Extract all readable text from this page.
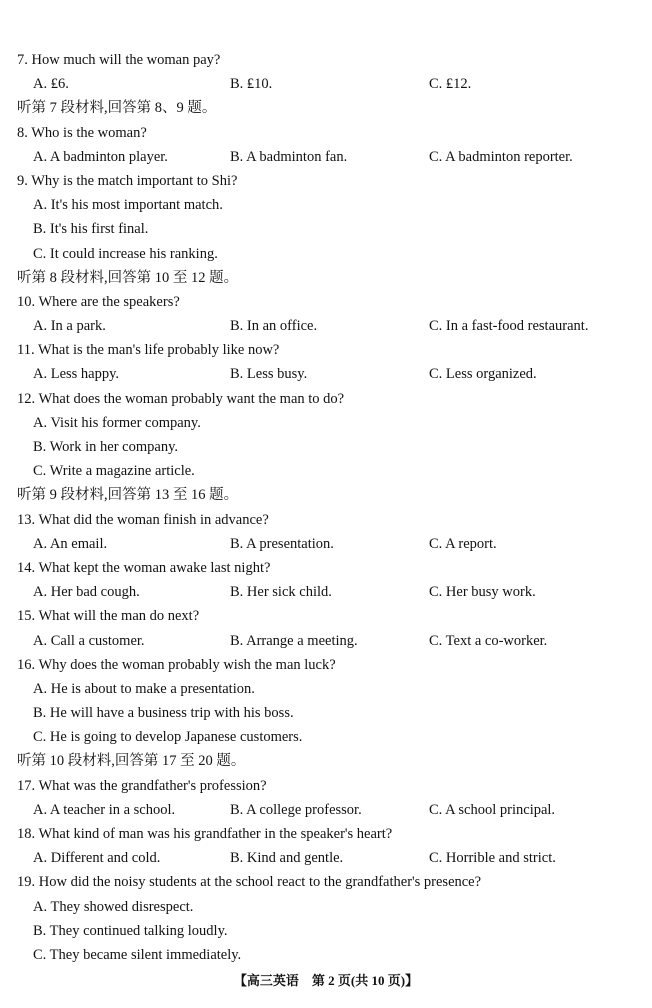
7. How much will the woman pay?
A. ₤6.	B. ₤10.	C. ₤12.
听第 7 段材料,回答第 8、9 题。
8. Who is the woman?
A. A badminton player.	B. A badminton fan.	C. A badminton reporter.
9. Why is the match important to Shi?
A. It's his most important match.
B. It's his first final.
C. It could increase his ranking.
听第 8 段材料,回答第 10 至 12 题。
10. Where are the speakers?
A. In a park.	B. In an office.	C. In a fast-food restaurant.
11. What is the man's life probably like now?
A. Less happy.	B. Less busy.	C. Less organized.
12. What does the woman probably want the man to do?
A. Visit his former company.
B. Work in her company.
C. Write a magazine article.
听第 9 段材料,回答第 13 至 16 题。
13. What did the woman finish in advance?
A. An email.	B. A presentation.	C. A report.
14. What kept the woman awake last night?
A. Her bad cough.	B. Her sick child.	C. Her busy work.
15. What will the man do next?
A. Call a customer.	B. Arrange a meeting.	C. Text a co-worker.
16. Why does the woman probably wish the man luck?
A. He is about to make a presentation.
B. He will have a business trip with his boss.
C. He is going to develop Japanese customers.
听第 10 段材料,回答第 17 至 20 题。
17. What was the grandfather's profession?
A. A teacher in a school.	B. A college professor.	C. A school principal.
18. What kind of man was his grandfather in the speaker's heart?
A. Different and cold.	B. Kind and gentle.	C. Horrible and strict.
19. How did the noisy students at the school react to the grandfather's presence?
A. They showed disrespect.
B. They continued talking loudly.
C. They became silent immediately.
【高三英语　第 2 页(共 10 页)】
